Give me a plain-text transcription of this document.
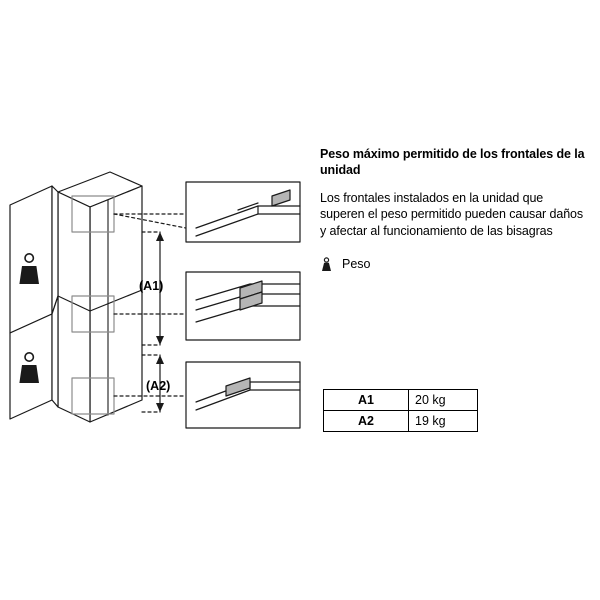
(A1)
(A2)

Peso máximo permitido de los frontales de la unidad

Los frontales instalados en la unidad que superen el peso permitido pueden causar daños y afectar al funcionamiento de las bisagras

Peso
A1	20 kg
A2	19 kg
